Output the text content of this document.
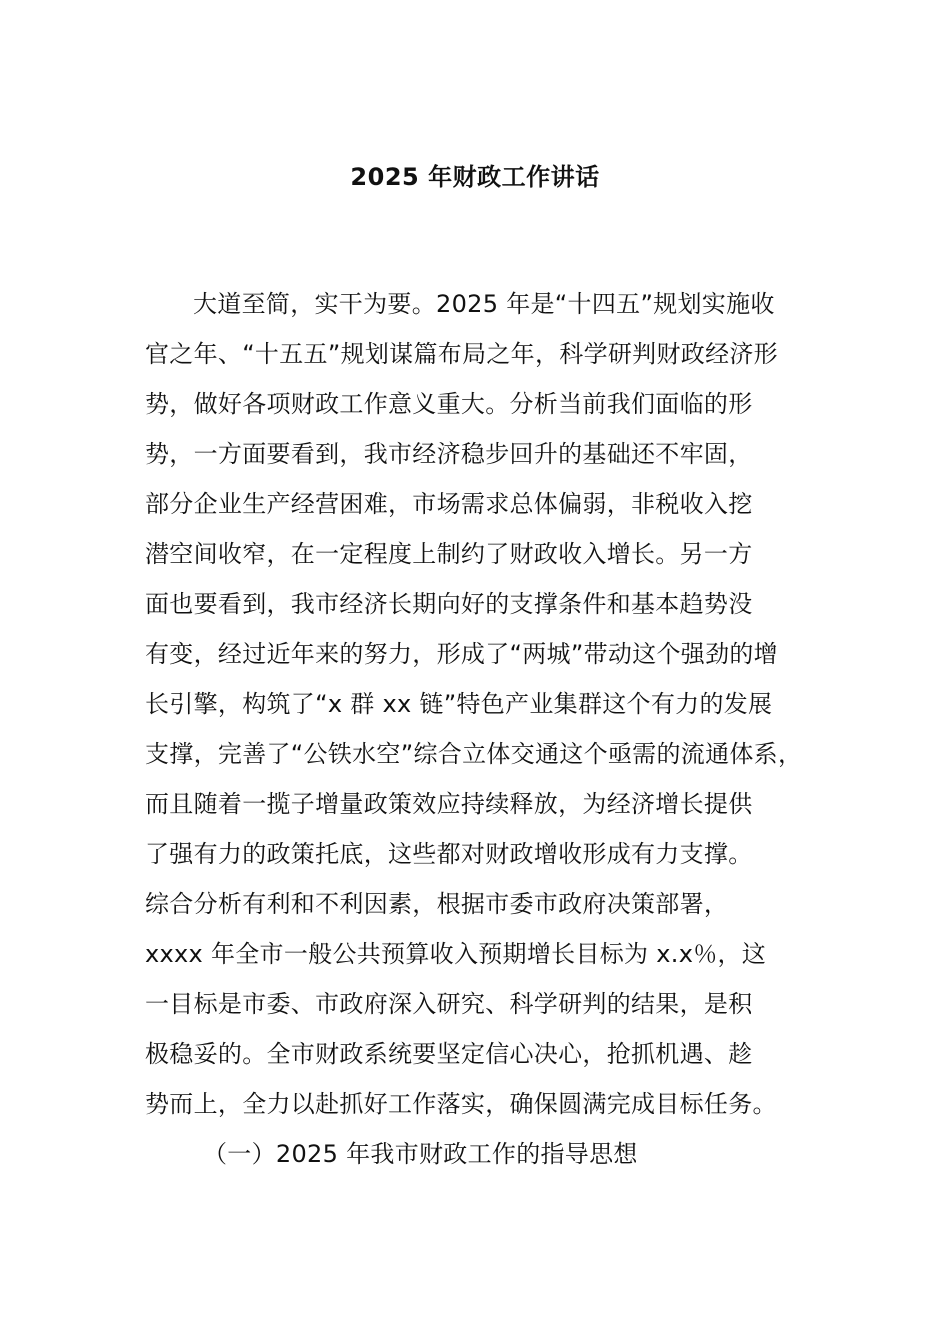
2025 年财政工作讲话
大道至简，实干为要。2025 年是“十四五”规划实施收
官之年、“十五五”规划谋篇布局之年，科学研判财政经济形
势，做好各项财政工作意义重大。分析当前我们面临的形
势，一方面要看到，我市经济稳步回升的基础还不牢固，
部分企业生产经营困难，市场需求总体偏弱，非税收入挖
潜空间收窄，在一定程度上制约了财政收入增长。另一方
面也要看到，我市经济长期向好的支撑条件和基本趋势没
有变，经过近年来的努力，形成了“两城”带动这个强劲的增
长引擎，构筑了“x 群 xx 链”特色产业集群这个有力的发展
支撑，完善了“公铁水空”综合立体交通这个亟需的流通体系，
而且随着一揽子增量政策效应持续释放，为经济增长提供
了强有力的政策托底，这些都对财政增收形成有力支撑。
综合分析有利和不利因素，根据市委市政府决策部署，
xxxx 年全市一般公共预算收入预期增长目标为 x.x％，这
一目标是市委、市政府深入研究、科学研判的结果，是积
极稳妥的。全市财政系统要坚定信心决心，抢抓机遇、趁
势而上，全力以赴抓好工作落实，确保圆满完成目标任务。
（一）2025 年我市财政工作的指导思想
